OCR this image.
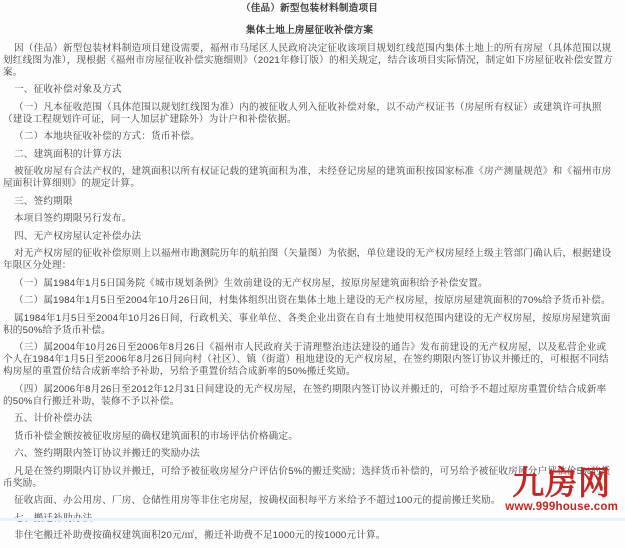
（佳品）新型包装材料制造项目

集体土地上房屋征收补偿方案

因（佳品）新型包装材料制造项目建设需要，福州市马尾区人民政府决定征收该项目规划红线范围内集体土地上的所有房屋（具体范围以规划红线图为准），现根据《福州市房屋征收补偿实施细则》（2021年修订版）的相关规定，结合该项目实际情况，制定如下房屋征收补偿安置方案。

一、征收补偿对象及方式

（一）凡本征收范围（具体范围以规划红线图为准）内的被征收人列入征收补偿对象，以不动产权证书（房屋所有权证）或建筑许可执照（建设工程规划许可证，同一人加层扩建除外）为计户和补偿依据。

（二）本地块征收补偿的方式：货币补偿。

二、建筑面积的计算方法

被征收房屋有合法产权的，建筑面积以所有权证记载的建筑面积为准，未经登记房屋的建筑面积按国家标准《房产测量规范》和《福州市房屋面积计算细则》的规定计算。

三、签约期限

本项目签约期限另行发布。

四、无产权房屋认定补偿办法

对无产权房屋的征收补偿原则上以福州市勘测院历年的航拍图（矢量图）为依据，单位建设的无产权房屋经上级主管部门确认后，根据建设年限区分处理：

（一）属1984年1月5日国务院《城市规划条例》生效前建设的无产权房屋，按原房屋建筑面积给予补偿安置。

（二）属1984年1月5日至2004年10月26日间，村集体组织出资在集体土地上建设的无产权房屋，按原房屋建筑面积的70%给予货币补偿。

属1984年1月5日至2004年10月26日间，行政机关、事业单位、各类企业出资在自有土地使用权范围内建设的无产权房屋，按原房屋建筑面积的50%给予货币补偿。

（三）属2004年10月26日至2006年8月26日《福州市人民政府关于清理整治违法建设的通告》发布前建设的无产权房屋，以及私营企业或个人在1984年1月5日至2006年8月26日间向村（社区）、镇（街道）租地建设的无产权房屋，在签约期限内签订协议并搬迁的，可根据不同结构房屋的重置价结合成新率给予补助，另给予重置价结合成新率的50%搬迁奖励。

（四）属2006年8月26日至2012年12月31日间建设的无产权房屋，在签约期限内签订协议并搬迁的，可给予不超过原房重置价结合成新率的50%自行搬迁补助，装修不予以补偿。

五、计价补偿办法

货币补偿金额按被征收房屋的确权建筑面积的市场评估价格确定。

六、签约期限内签订协议并搬迁的奖励办法

凡是在签约期限内订协议并搬迁，可给予被征收房屋分户评估价5%的搬迁奖励；选择货币补偿的，可另给予被征收房屋分户评估价5%的货币奖励。

征收店面、办公用房、厂房、仓储性用房等非住宅房屋，按确权面积每平方米给予不超过100元的提前搬迁奖励。

非住宅搬迁补助费按确权建筑面积20元/㎡，搬迁补助费不足1000元的按1000元计算。

九房网
www.999house.com
